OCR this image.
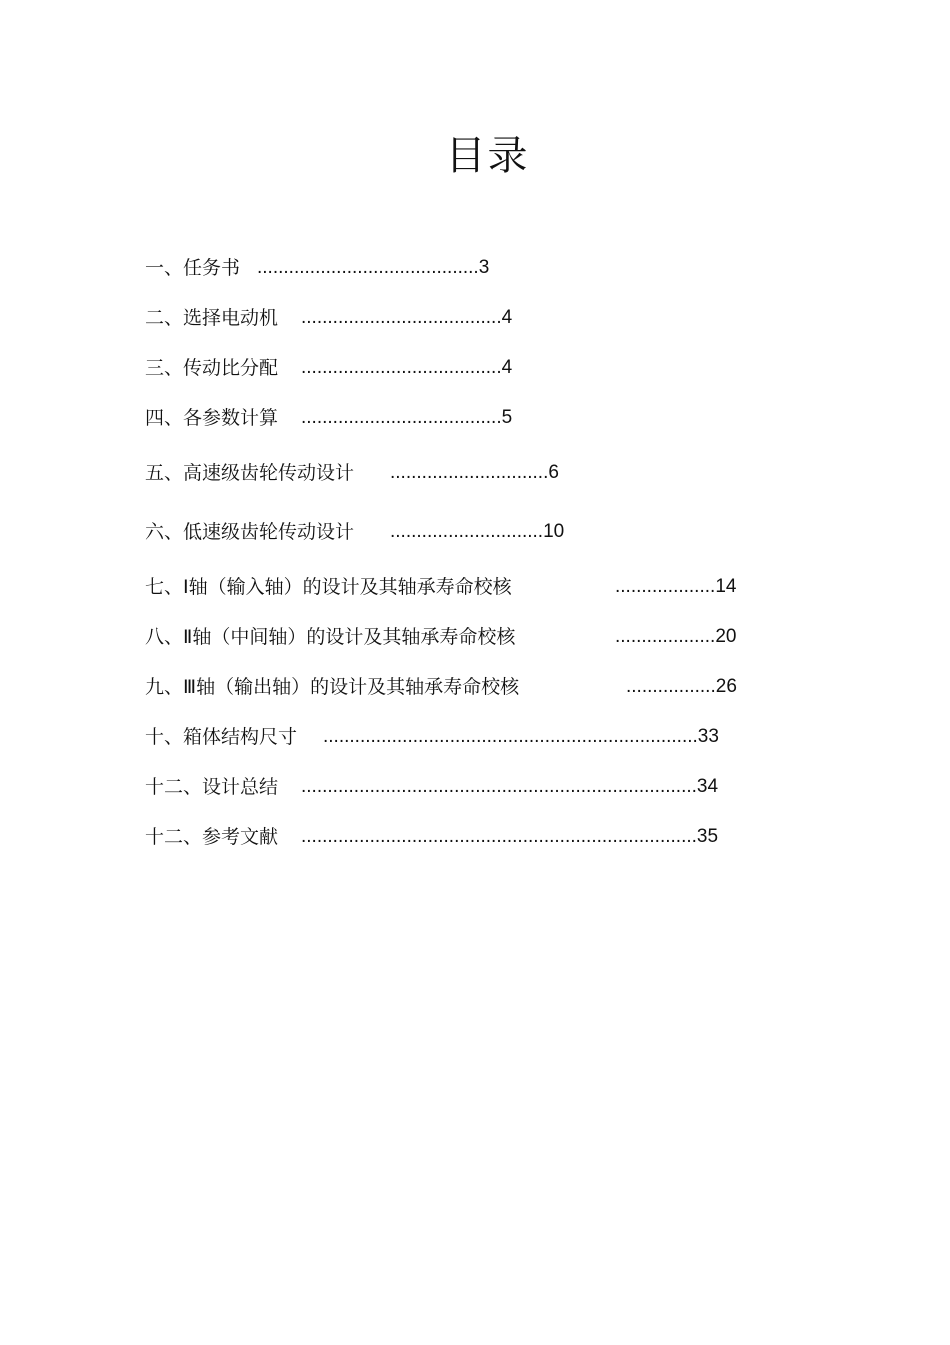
目录
一、任务书 ..........................................3
二、选择电动机 ......................................4
三、传动比分配 ......................................4
四、各参数计算 ......................................5
五、高速级齿轮传动设计 ..............................6
六、低速级齿轮传动设计 .............................10
七、Ⅰ轴（输入轴）的设计及其轴承寿命校核	...................14
八、Ⅱ轴（中间轴）的设计及其轴承寿命校核	...................20
九、Ⅲ轴（输出轴）的设计及其轴承寿命校核	.................26
十、箱体结构尺寸 .......................................................................33
十二、设计总结 ...........................................................................34
十二、参考文献 ...........................................................................35
